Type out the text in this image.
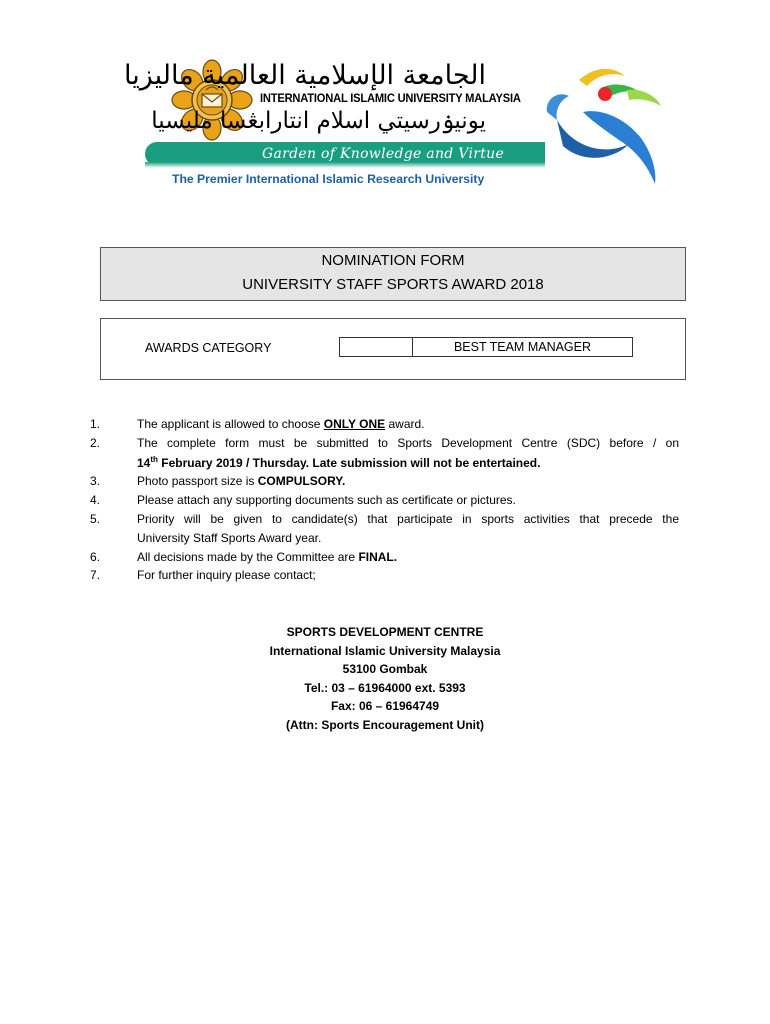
الجامعة الإسلامية العالمية ماليزيا
INTERNATIONAL ISLAMIC UNIVERSITY MALAYSIA
يونيۏرسيتي اسلام انتارابڠسا مليسيا
Garden of Knowledge and Virtue
The Premier International Islamic Research University
NOMINATION FORM
UNIVERSITY STAFF SPORTS AWARD 2018
AWARDS CATEGORY	BEST TEAM MANAGER
1.	The applicant is allowed to choose ONLY ONE award.
2.	The complete form must be submitted to Sports Development Centre (SDC) before / on
14th February 2019 / Thursday. Late submission will not be entertained.
3.	Photo passport size is COMPULSORY.
4.	Please attach any supporting documents such as certificate or pictures.
5.	Priority will be given to candidate(s) that participate in sports activities that precede the
University Staff Sports Award year.
6.	All decisions made by the Committee are FINAL.
7.	For further inquiry please contact;
SPORTS DEVELOPMENT CENTRE
International Islamic University Malaysia
53100 Gombak
Tel.: 03 – 61964000 ext. 5393
Fax: 06 – 61964749
(Attn: Sports Encouragement Unit)
